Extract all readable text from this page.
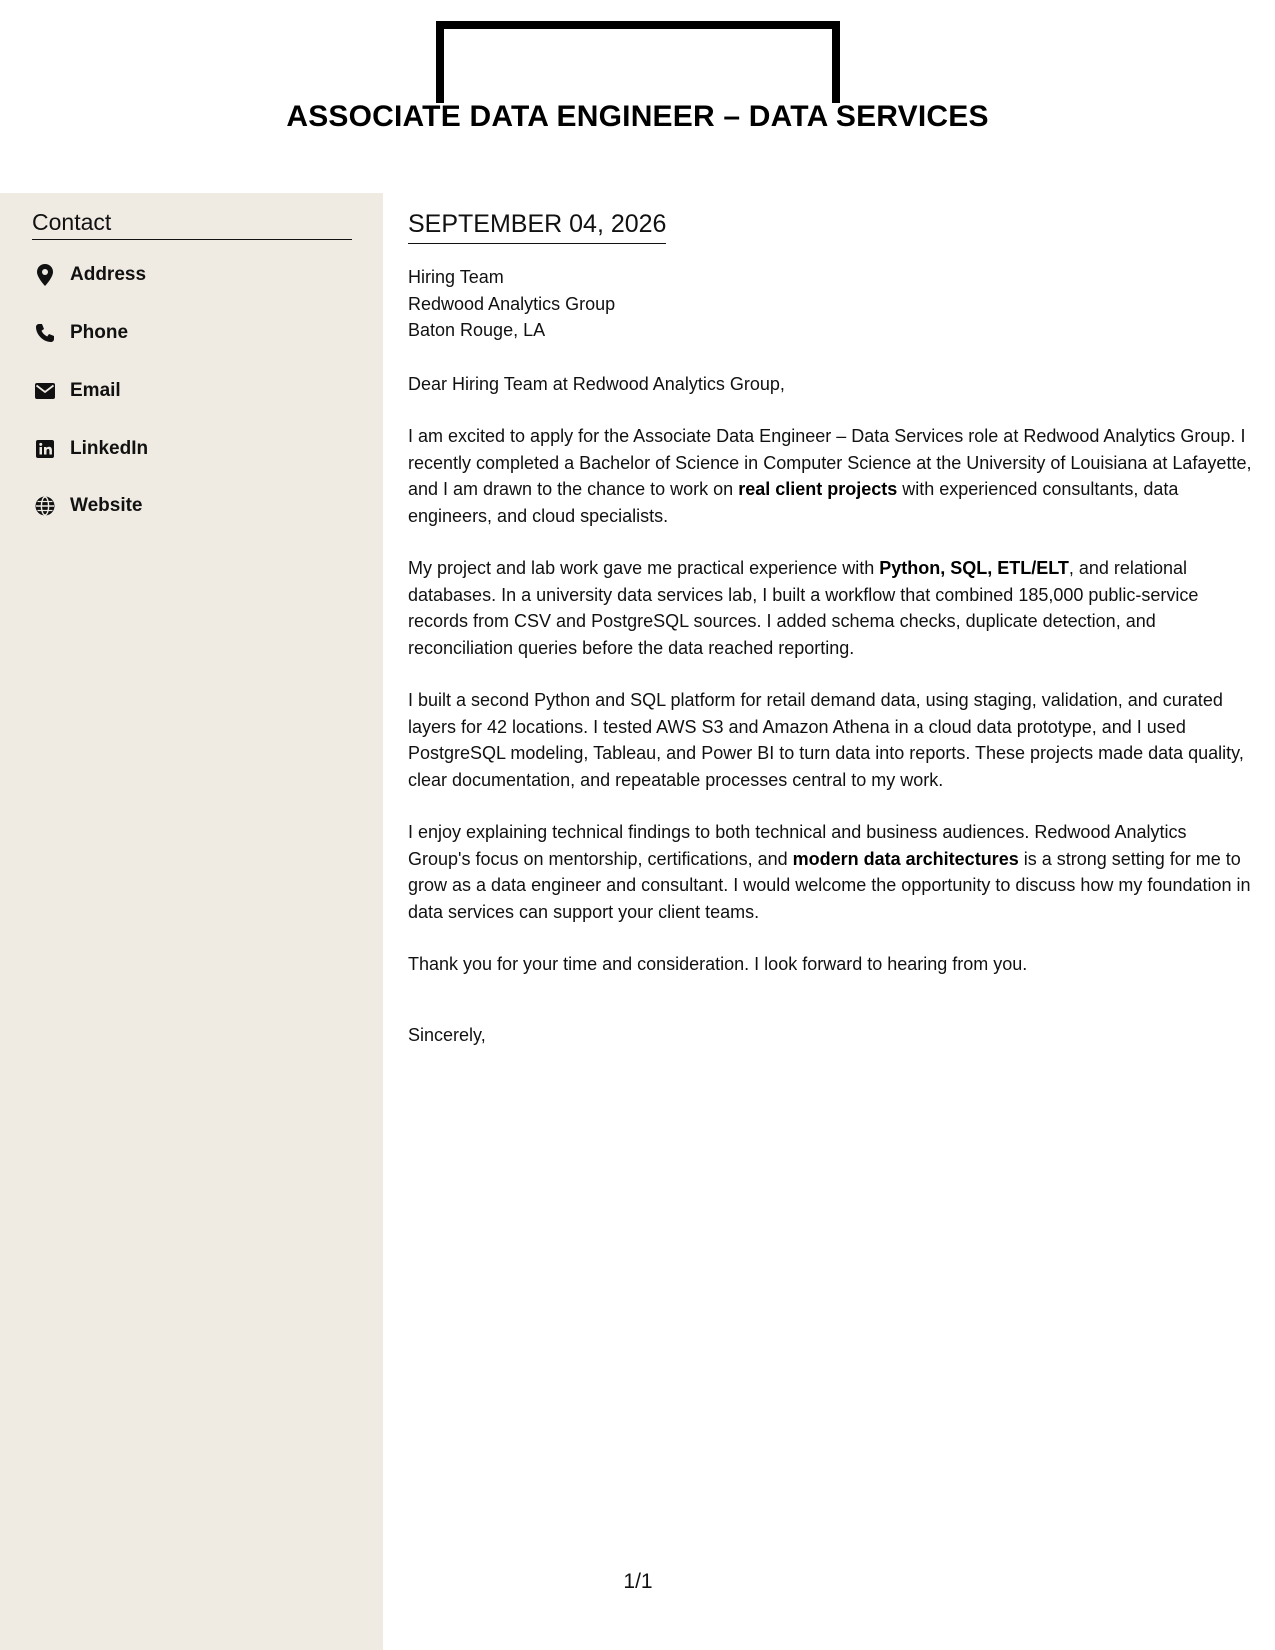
ASSOCIATE DATA ENGINEER – DATA SERVICES
Contact
Address
Phone
Email
LinkedIn
Website
SEPTEMBER 04, 2026
Hiring Team
Redwood Analytics Group
Baton Rouge, LA

Dear Hiring Team at Redwood Analytics Group,

I am excited to apply for the Associate Data Engineer – Data Services role at Redwood Analytics Group. I recently completed a Bachelor of Science in Computer Science at the University of Louisiana at Lafayette, and I am drawn to the chance to work on real client projects with experienced consultants, data engineers, and cloud specialists.

My project and lab work gave me practical experience with Python, SQL, ETL/ELT, and relational databases. In a university data services lab, I built a workflow that combined 185,000 public-service records from CSV and PostgreSQL sources. I added schema checks, duplicate detection, and reconciliation queries before the data reached reporting.

I built a second Python and SQL platform for retail demand data, using staging, validation, and curated layers for 42 locations. I tested AWS S3 and Amazon Athena in a cloud data prototype, and I used PostgreSQL modeling, Tableau, and Power BI to turn data into reports. These projects made data quality, clear documentation, and repeatable processes central to my work.

I enjoy explaining technical findings to both technical and business audiences. Redwood Analytics Group's focus on mentorship, certifications, and modern data architectures is a strong setting for me to grow as a data engineer and consultant. I would welcome the opportunity to discuss how my foundation in data services can support your client teams.

Thank you for your time and consideration. I look forward to hearing from you.

Sincerely,

1/1
